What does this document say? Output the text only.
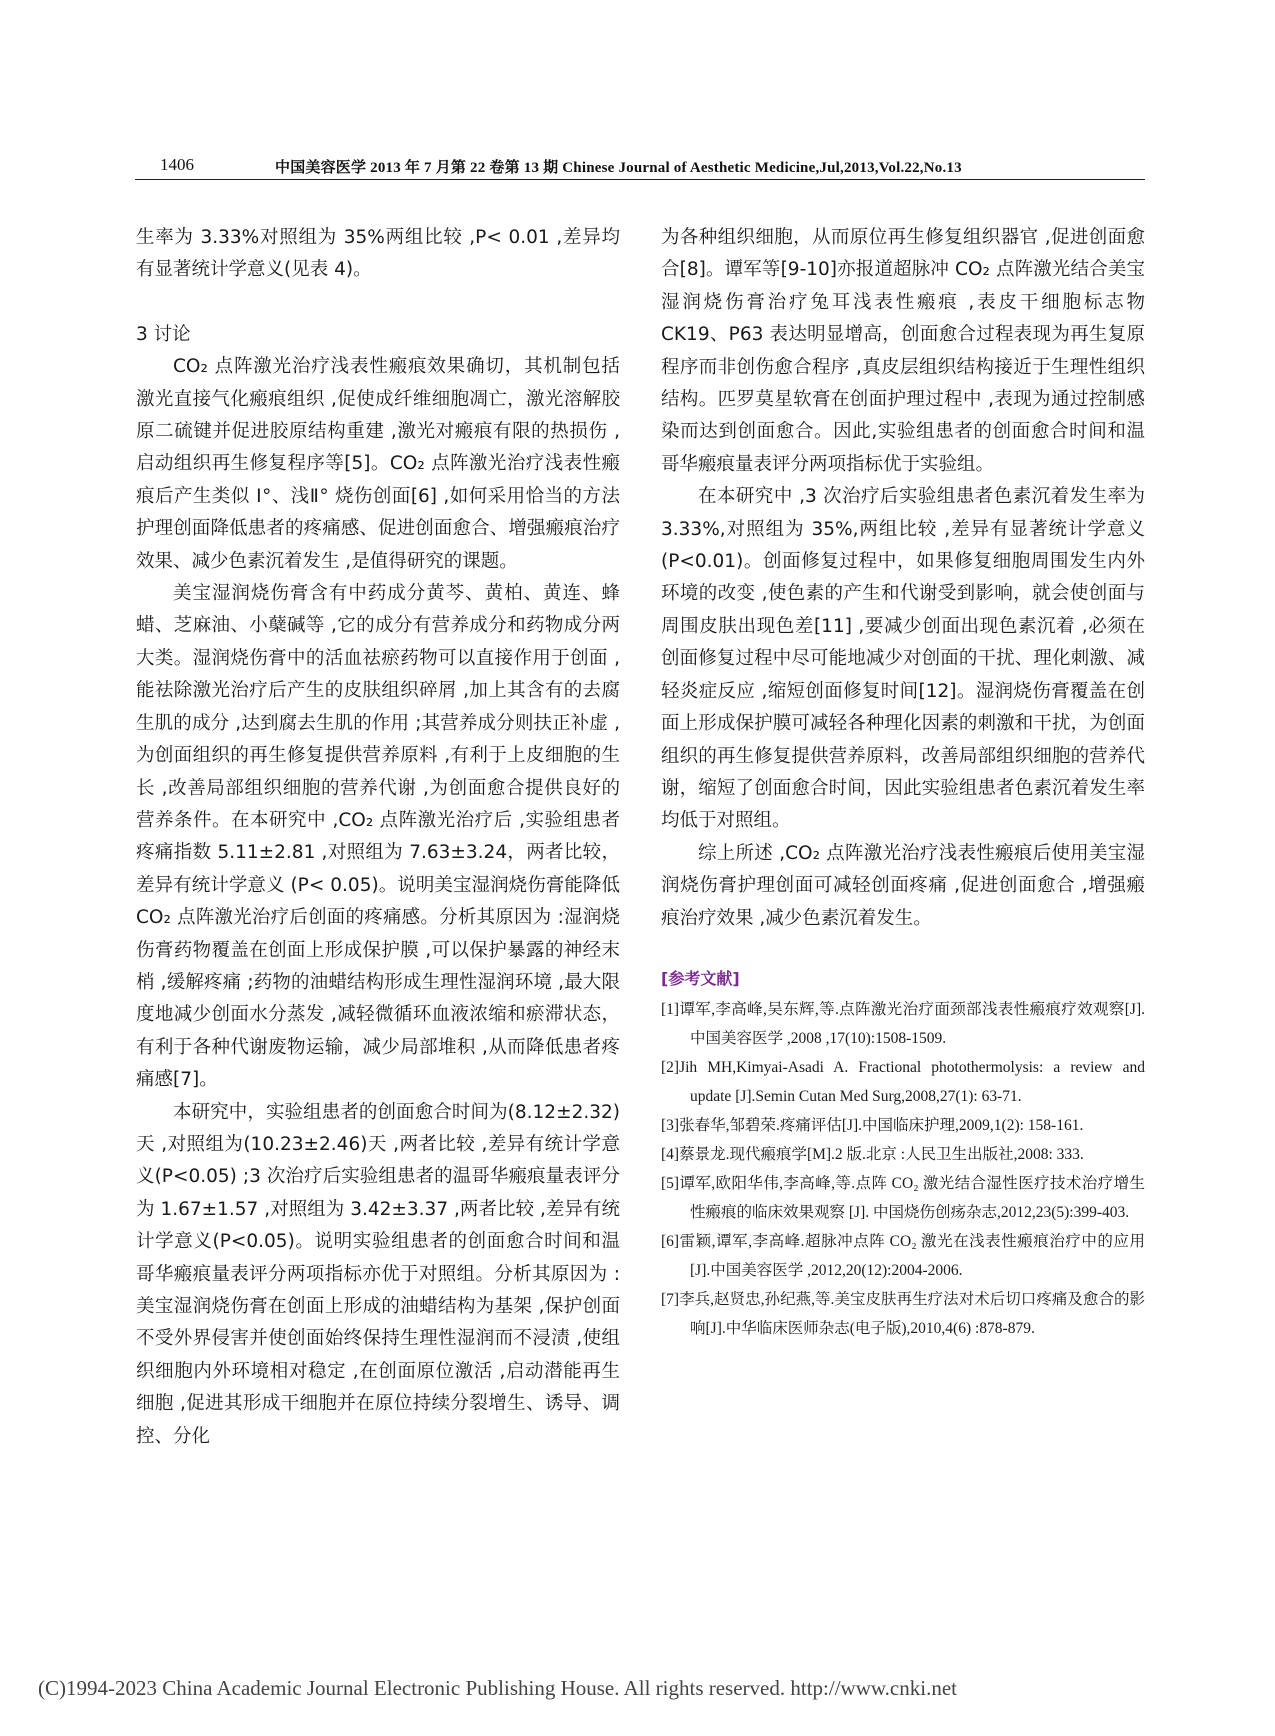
1406	中国美容医学 2013 年 7 月第 22 卷第 13 期 Chinese Journal of Aesthetic Medicine,Jul,2013,Vol.22,No.13

生率为 3.33%对照组为 35%两组比较 ,P< 0.01 ,差异均有显著统计学意义(见表 4)。

3 讨论

CO₂ 点阵激光治疗浅表性瘢痕效果确切，其机制包括激光直接气化瘢痕组织 ,促使成纤维细胞凋亡，激光溶解胶原二硫键并促进胶原结构重建 ,激光对瘢痕有限的热损伤 ,启动组织再生修复程序等[5]。CO₂ 点阵激光治疗浅表性瘢痕后产生类似 Ⅰ°、浅Ⅱ° 烧伤创面[6] ,如何采用恰当的方法护理创面降低患者的疼痛感、促进创面愈合、增强瘢痕治疗效果、减少色素沉着发生 ,是值得研究的课题。

美宝湿润烧伤膏含有中药成分黄芩、黄柏、黄连、蜂蜡、芝麻油、小蘖碱等 ,它的成分有营养成分和药物成分两大类。湿润烧伤膏中的活血祛瘀药物可以直接作用于创面 ,能祛除激光治疗后产生的皮肤组织碎屑 ,加上其含有的去腐生肌的成分 ,达到腐去生肌的作用 ;其营养成分则扶正补虚 ,为创面组织的再生修复提供营养原料 ,有利于上皮细胞的生长 ,改善局部组织细胞的营养代谢 ,为创面愈合提供良好的营养条件。在本研究中 ,CO₂ 点阵激光治疗后 ,实验组患者疼痛指数 5.11±2.81 ,对照组为 7.63±3.24，两者比较，差异有统计学意义 (P< 0.05)。说明美宝湿润烧伤膏能降低 CO₂ 点阵激光治疗后创面的疼痛感。分析其原因为 :湿润烧伤膏药物覆盖在创面上形成保护膜 ,可以保护暴露的神经末梢 ,缓解疼痛 ;药物的油蜡结构形成生理性湿润环境 ,最大限度地减少创面水分蒸发 ,减轻微循环血液浓缩和瘀滞状态，有利于各种代谢废物运输，减少局部堆积 ,从而降低患者疼痛感[7]。

本研究中，实验组患者的创面愈合时间为(8.12±2.32)天 ,对照组为(10.23±2.46)天 ,两者比较 ,差异有统计学意义(P<0.05) ;3 次治疗后实验组患者的温哥华瘢痕量表评分为 1.67±1.57 ,对照组为 3.42±3.37 ,两者比较 ,差异有统计学意义(P<0.05)。说明实验组患者的创面愈合时间和温哥华瘢痕量表评分两项指标亦优于对照组。分析其原因为 :美宝湿润烧伤膏在创面上形成的油蜡结构为基架 ,保护创面不受外界侵害并使创面始终保持生理性湿润而不浸渍 ,使组织细胞内外环境相对稳定 ,在创面原位激活 ,启动潜能再生细胞 ,促进其形成干细胞并在原位持续分裂增生、诱导、调控、分化

为各种组织细胞，从而原位再生修复组织器官 ,促进创面愈合[8]。谭军等[9-10]亦报道超脉冲 CO₂ 点阵激光结合美宝湿润烧伤膏治疗兔耳浅表性瘢痕 ,表皮干细胞标志物 CK19、P63 表达明显增高，创面愈合过程表现为再生复原程序而非创伤愈合程序 ,真皮层组织结构接近于生理性组织结构。匹罗莫星软膏在创面护理过程中 ,表现为通过控制感染而达到创面愈合。因此,实验组患者的创面愈合时间和温哥华瘢痕量表评分两项指标优于实验组。

在本研究中 ,3 次治疗后实验组患者色素沉着发生率为 3.33%,对照组为 35%,两组比较 ,差异有显著统计学意义(P<0.01)。创面修复过程中，如果修复细胞周围发生内外环境的改变 ,使色素的产生和代谢受到影响，就会使创面与周围皮肤出现色差[11] ,要减少创面出现色素沉着 ,必须在创面修复过程中尽可能地减少对创面的干扰、理化刺激、减轻炎症反应 ,缩短创面修复时间[12]。湿润烧伤膏覆盖在创面上形成保护膜可减轻各种理化因素的刺激和干扰，为创面组织的再生修复提供营养原料，改善局部组织细胞的营养代谢，缩短了创面愈合时间，因此实验组患者色素沉着发生率均低于对照组。

综上所述 ,CO₂ 点阵激光治疗浅表性瘢痕后使用美宝湿润烧伤膏护理创面可减轻创面疼痛 ,促进创面愈合 ,增强瘢痕治疗效果 ,减少色素沉着发生。

[参考文献]

[1]谭军,李高峰,吴东辉,等.点阵激光治疗面颈部浅表性瘢痕疗效观察[J].中国美容医学 ,2008 ,17(10):1508-1509.

[2]Jih MH,Kimyai-Asadi A. Fractional photothermolysis: a review and update [J].Semin Cutan Med Surg,2008,27(1): 63-71.

[3]张春华,邹碧荣.疼痛评估[J].中国临床护理,2009,1(2): 158-161.

[4]蔡景龙.现代瘢痕学[M].2 版.北京 :人民卫生出版社,2008: 333.

[5]谭军,欧阳华伟,李高峰,等.点阵 CO₂ 激光结合湿性医疗技术治疗增生性瘢痕的临床效果观察 [J]. 中国烧伤创疡杂志,2012,23(5):399-403.

[6]雷颖,谭军,李高峰.超脉冲点阵 CO₂ 激光在浅表性瘢痕治疗中的应用[J].中国美容医学 ,2012,20(12):2004-2006.

[7]李兵,赵贤忠,孙纪燕,等.美宝皮肤再生疗法对术后切口疼痛及愈合的影响[J].中华临床医师杂志(电子版),2010,4(6) :878-879.

(C)1994-2023 China Academic Journal Electronic Publishing House. All rights reserved. http://www.cnki.net
